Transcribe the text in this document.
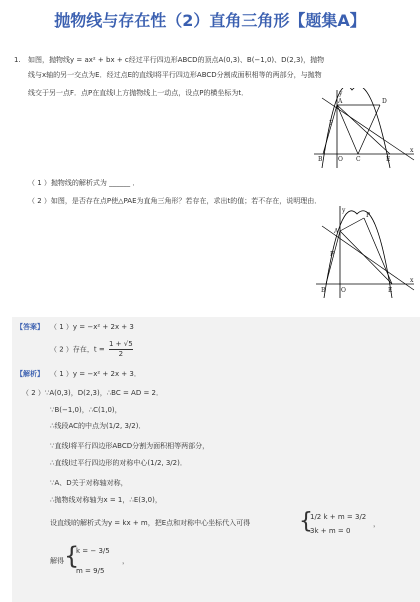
抛物线与存在性（2）直角三角形【题集A】
1. 如图，抛物线y = ax² + bx + c经过平行四边形ABCD的顶点A(0,3)、B(−1,0)、D(2,3)，抛物
线与x轴的另一交点为E．经过点E的直线l将平行四边形ABCD分割成面积相等的两部分，与抛物
线交于另一点F．点P在直线l上方抛物线上一动点，设点P的横坐标为t．
A	D
F
B	O C	E
x
y
（ 1 ）抛物线的解析式为 ______ ．
（ 2 ）如图，是否存在点P使△PAE为直角三角形？若存在，求出t的值；若不存在，说明理由．
A
P
F
B	O	E
x
y
【答案】 （ 1 ）y = −x² + 2x + 3
（ 2 ）存在，$t = \frac{1 + √5}{2}$
【解析】 （ 1 ）y = −x² + 2x + 3．
（ 2 ）∵A(0,3)，D(2,3)，∴BC = AD = 2．
∵B(−1,0)，∴C(1,0)，
∴线段AC的中点为(1/2, 3/2)．
∵直线l将平行四边形ABCD分割为面积相等两部分，
∴直线l过平行四边形的对称中心(1/2, 3/2)．
∵A、D关于对称轴对称，
∴抛物线对称轴为x = 1，∴E(3,0)，
设直线l的解析式为y = kx + m，把E点和对称中心坐标代入可得 {
1/2 k + m = 3/2
3k + m = 0
，
解得 {
k = − 3/5
m = 9/5
，
